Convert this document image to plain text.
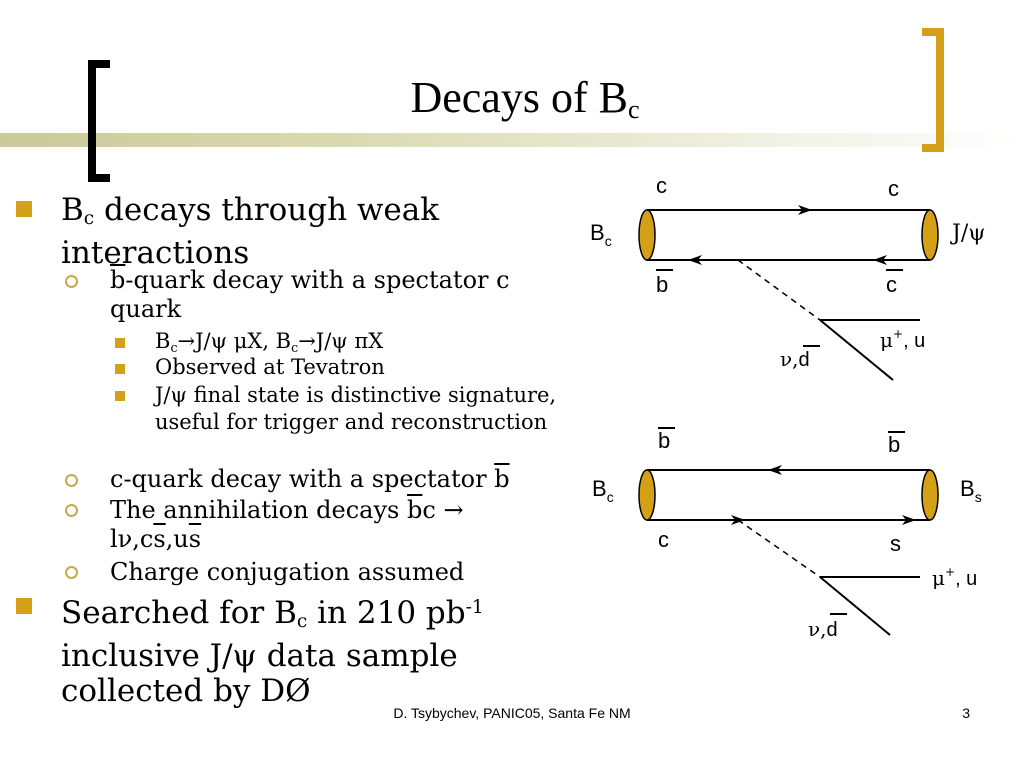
Decays of $B_c$
$B_c$ decays through weak interactions
$\overline{b}$-quark decay with a spectator c quark
$B_c\to J/\psi$ μX, $B_c\to J/\psi$ πX
Observed at Tevatron
J/ψ final state is distinctive signature, useful for trigger and reconstruction
c-quark decay with a spectator $\overline{b}$
The annihilation decays $\overline{b}c$ →
$l\nu,c\overline{s},u\overline{s}$
Charge conjugation assumed
Searched for $B_c$ in 210 $pb^{-1}$
inclusive J/ψ data sample collected by DØ
c	c
$B_c$	J/ψ
b	c
μ+, u
ν,d
b	b
$B_c$	$B_s$
c	s
μ+, u
ν,d
D. Tsybychev, PANIC05, Santa Fe NM	3
